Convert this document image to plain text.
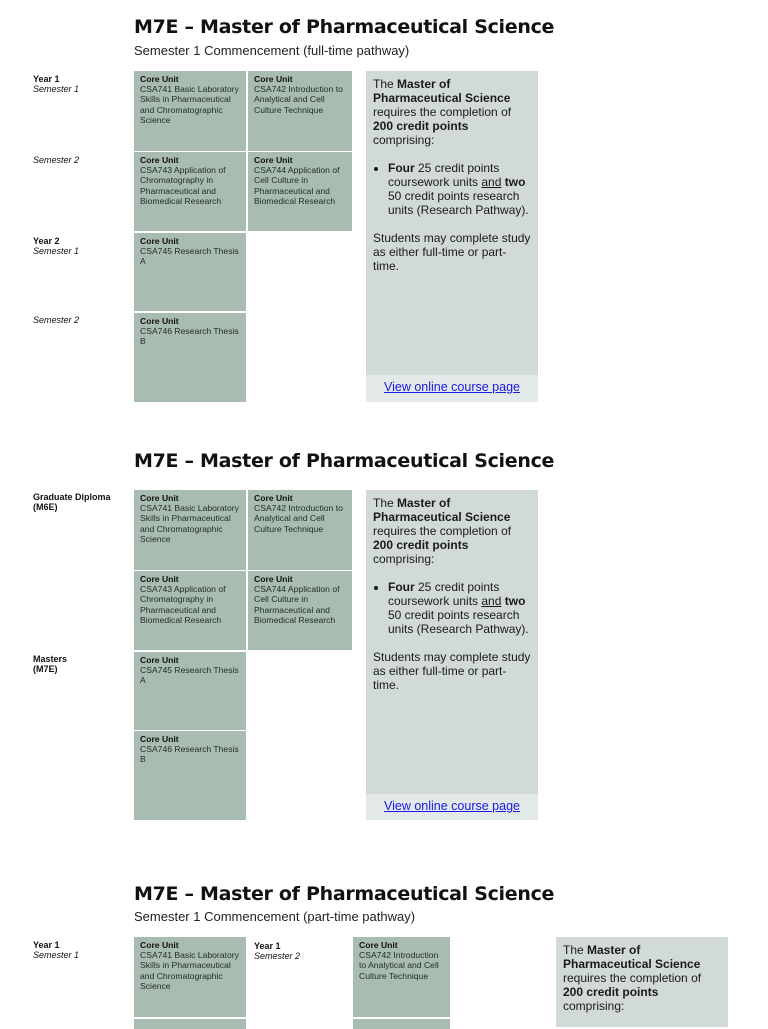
M7E – Master of Pharmaceutical Science
Semester 1 Commencement (full-time pathway)
Year 1
Semester 1
Semester 2
Year 2
Semester 1
Semester 2
Core Unit
CSA741 Basic Laboratory Skills in Pharmaceutical and Chromatographic Science
Core Unit
CSA742 Introduction to Analytical and Cell Culture Technique
Core Unit
CSA743 Application of Chromatography in Pharmaceutical and Biomedical Research
Core Unit
CSA744 Application of Cell Culture in Pharmaceutical and Biomedical Research
Core Unit
CSA745 Research Thesis A
Core Unit
CSA746 Research Thesis B

The Master of Pharmaceutical Science requires the completion of 200 credit points comprising:

• Four 25 credit points coursework units and two 50 credit points research units (Research Pathway).

Students may complete study as either full-time or part-time.

View online course page
M7E – Master of Pharmaceutical Science
Graduate Diploma
(M6E)
Masters
(M7E)
Core Unit
CSA741 Basic Laboratory Skills in Pharmaceutical and Chromatographic Science
Core Unit
CSA742 Introduction to Analytical and Cell Culture Technique
Core Unit
CSA743 Application of Chromatography in Pharmaceutical and Biomedical Research
Core Unit
CSA744 Application of Cell Culture in Pharmaceutical and Biomedical Research
Core Unit
CSA745 Research Thesis A
Core Unit
CSA746 Research Thesis B

The Master of Pharmaceutical Science requires the completion of 200 credit points comprising:

• Four 25 credit points coursework units and two 50 credit points research units (Research Pathway).

Students may complete study as either full-time or part-time.

View online course page
M7E – Master of Pharmaceutical Science
Semester 1 Commencement (part-time pathway)
Year 1
Semester 1
Year 1
Semester 2
Core Unit
CSA741 Basic Laboratory Skills in Pharmaceutical and Chromatographic Science
Core Unit
CSA742 Introduction to Analytical and Cell Culture Technique

The Master of Pharmaceutical Science requires the completion of 200 credit points comprising:
